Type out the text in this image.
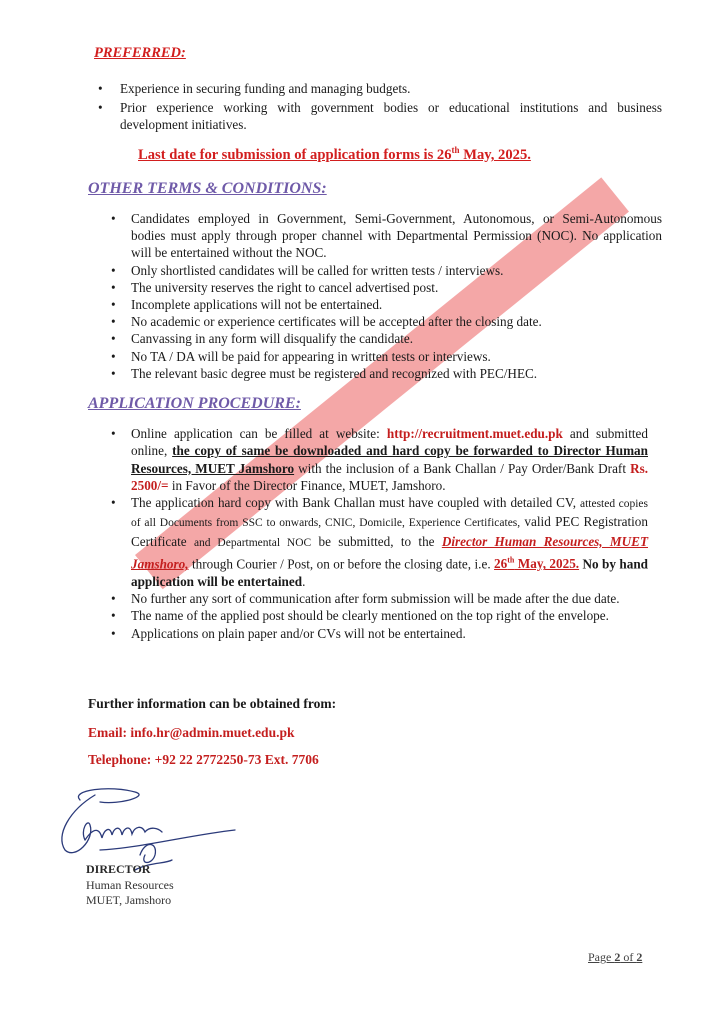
PREFERRED:
• Experience in securing funding and managing budgets.
• Prior experience working with government bodies or educational institutions and business development initiatives.
Last date for submission of application forms is 26th May, 2025.
OTHER TERMS & CONDITIONS:
• Candidates employed in Government, Semi-Government, Autonomous, or Semi-Autonomous bodies must apply through proper channel with Departmental Permission (NOC). No application will be entertained without the NOC.
• Only shortlisted candidates will be called for written tests / interviews.
• The university reserves the right to cancel advertised post.
• Incomplete applications will not be entertained.
• No academic or experience certificates will be accepted after the closing date.
• Canvassing in any form will disqualify the candidate.
• No TA / DA will be paid for appearing in written tests or interviews.
• The relevant basic degree must be registered and recognized with PEC/HEC.
APPLICATION PROCEDURE:
• Online application can be filled at website: http://recruitment.muet.edu.pk and submitted online, the copy of same be downloaded and hard copy be forwarded to Director Human Resources, MUET Jamshoro with the inclusion of a Bank Challan / Pay Order/Bank Draft Rs. 2500/= in Favor of the Director Finance, MUET, Jamshoro.
• The application hard copy with Bank Challan must have coupled with detailed CV, attested copies of all Documents from SSC to onwards, CNIC, Domicile, Experience Certificates, valid PEC Registration Certificate and Departmental NOC be submitted, to the Director Human Resources, MUET Jamshoro, through Courier / Post, on or before the closing date, i.e. 26th May, 2025. No by hand application will be entertained.
• No further any sort of communication after form submission will be made after the due date.
• The name of the applied post should be clearly mentioned on the top right of the envelope.
• Applications on plain paper and/or CVs will not be entertained.
Further information can be obtained from:
Email: info.hr@admin.muet.edu.pk
Telephone: +92 22 2772250-73 Ext. 7706
DIRECTOR
Human Resources
MUET, Jamshoro
Page 2 of 2
